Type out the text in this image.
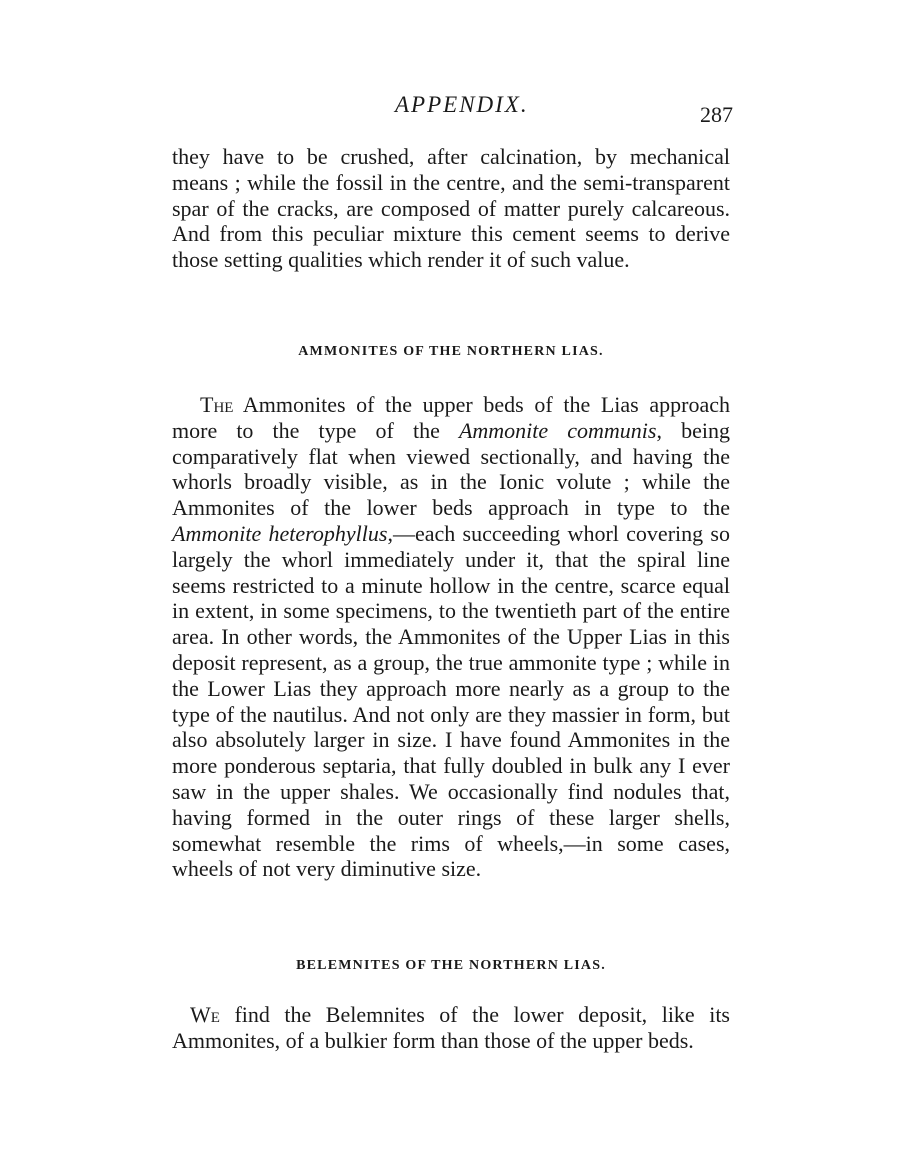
APPENDIX.	287

they have to be crushed, after calcination, by mechanical means ; while the fossil in the centre, and the semi-transparent spar of the cracks, are composed of matter purely calcareous. And from this peculiar mixture this cement seems to derive those setting qualities which render it of such value.

AMMONITES OF THE NORTHERN LIAS.

The Ammonites of the upper beds of the Lias approach more to the type of the Ammonite communis, being comparatively flat when viewed sectionally, and having the whorls broadly visible, as in the Ionic volute ; while the Ammonites of the lower beds approach in type to the Ammonite heterophyllus,—each succeeding whorl covering so largely the whorl immediately under it, that the spiral line seems restricted to a minute hollow in the centre, scarce equal in extent, in some specimens, to the twentieth part of the entire area. In other words, the Ammonites of the Upper Lias in this deposit represent, as a group, the true ammonite type ; while in the Lower Lias they approach more nearly as a group to the type of the nautilus. And not only are they massier in form, but also absolutely larger in size. I have found Ammonites in the more ponderous septaria, that fully doubled in bulk any I ever saw in the upper shales. We occasionally find nodules that, having formed in the outer rings of these larger shells, somewhat resemble the rims of wheels,—in some cases, wheels of not very diminutive size.

BELEMNITES OF THE NORTHERN LIAS.

We find the Belemnites of the lower deposit, like its Ammonites, of a bulkier form than those of the upper beds.
